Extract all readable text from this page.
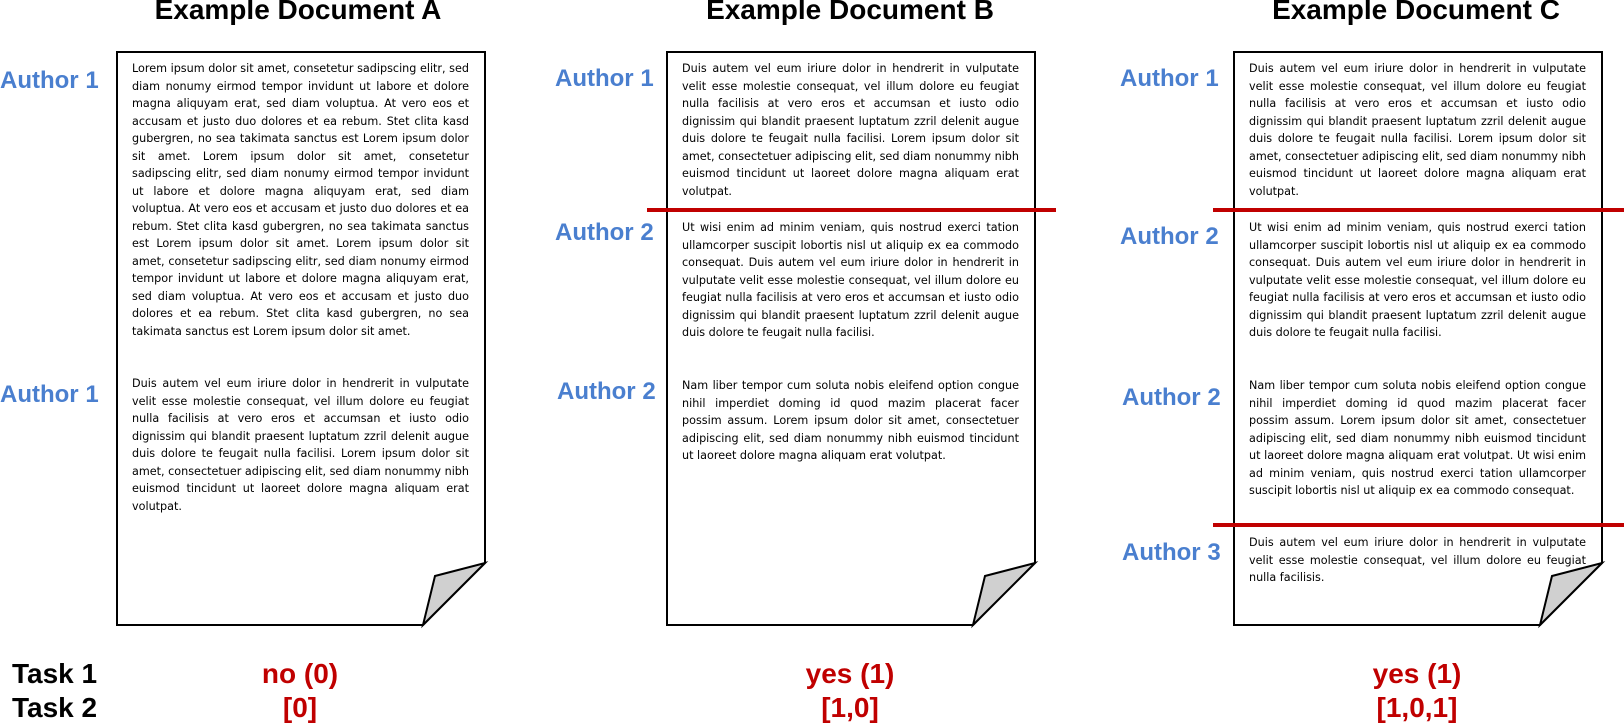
Example Document A	Example Document B	Example Document C
Lorem ipsum dolor sit amet, consetetur sadipscing elitr, sed diam nonumy eirmod tempor invidunt ut labore et dolore magna aliquyam erat, sed diam voluptua. At vero eos et accusam et justo duo dolores et ea rebum. Stet clita kasd gubergren, no sea takimata sanctus est Lorem ipsum dolor sit amet. Lorem ipsum dolor sit amet, consetetur sadipscing elitr, sed diam nonumy eirmod tempor invidunt ut labore et dolore magna aliquyam erat, sed diam voluptua. At vero eos et accusam et justo duo dolores et ea rebum. Stet clita kasd gubergren, no sea takimata sanctus est Lorem ipsum dolor sit amet. Lorem ipsum dolor sit amet, consetetur sadipscing elitr, sed diam nonumy eirmod tempor invidunt ut labore et dolore magna aliquyam erat, sed diam voluptua. At vero eos et accusam et justo duo dolores et ea rebum. Stet clita kasd gubergren, no sea takimata sanctus est Lorem ipsum dolor sit amet.
Duis autem vel eum iriure dolor in hendrerit in vulputate velit esse molestie consequat, vel illum dolore eu feugiat nulla facilisis at vero eros et accumsan et iusto odio dignissim qui blandit praesent luptatum zzril delenit augue duis dolore te feugait nulla facilisi. Lorem ipsum dolor sit amet, consectetuer adipiscing elit, sed diam nonummy nibh euismod tincidunt ut laoreet dolore magna aliquam erat volutpat.
Author 1
Author 1
Duis autem vel eum iriure dolor in hendrerit in vulputate velit esse molestie consequat, vel illum dolore eu feugiat nulla facilisis at vero eros et accumsan et iusto odio dignissim qui blandit praesent luptatum zzril delenit augue duis dolore te feugait nulla facilisi. Lorem ipsum dolor sit amet, consectetuer adipiscing elit, sed diam nonummy nibh euismod tincidunt ut laoreet dolore magna aliquam erat volutpat.
Ut wisi enim ad minim veniam, quis nostrud exerci tation ullamcorper suscipit lobortis nisl ut aliquip ex ea commodo consequat. Duis autem vel eum iriure dolor in hendrerit in vulputate velit esse molestie consequat, vel illum dolore eu feugiat nulla facilisis at vero eros et accumsan et iusto odio dignissim qui blandit praesent luptatum zzril delenit augue duis dolore te feugait nulla facilisi.
Nam liber tempor cum soluta nobis eleifend option congue nihil imperdiet doming id quod mazim placerat facer possim assum. Lorem ipsum dolor sit amet, consectetuer adipiscing elit, sed diam nonummy nibh euismod tincidunt ut laoreet dolore magna aliquam erat volutpat.
Author 1
Author 2
Author 2
Duis autem vel eum iriure dolor in hendrerit in vulputate velit esse molestie consequat, vel illum dolore eu feugiat nulla facilisis at vero eros et accumsan et iusto odio dignissim qui blandit praesent luptatum zzril delenit augue duis dolore te feugait nulla facilisi. Lorem ipsum dolor sit amet, consectetuer adipiscing elit, sed diam nonummy nibh euismod tincidunt ut laoreet dolore magna aliquam erat volutpat.
Ut wisi enim ad minim veniam, quis nostrud exerci tation ullamcorper suscipit lobortis nisl ut aliquip ex ea commodo consequat. Duis autem vel eum iriure dolor in hendrerit in vulputate velit esse molestie consequat, vel illum dolore eu feugiat nulla facilisis at vero eros et accumsan et iusto odio dignissim qui blandit praesent luptatum zzril delenit augue duis dolore te feugait nulla facilisi.
Nam liber tempor cum soluta nobis eleifend option congue nihil imperdiet doming id quod mazim placerat facer possim assum. Lorem ipsum dolor sit amet, consectetuer adipiscing elit, sed diam nonummy nibh euismod tincidunt ut laoreet dolore magna aliquam erat volutpat. Ut wisi enim ad minim veniam, quis nostrud exerci tation ullamcorper suscipit lobortis nisl ut aliquip ex ea commodo consequat.
Duis autem vel eum iriure dolor in hendrerit in vulputate velit esse molestie consequat, vel illum dolore eu feugiat nulla facilisis.
Author 1
Author 2
Author 2
Author 3
Task 1
Task 2
no (0)
[0]
yes (1)
[1,0]
yes (1)
[1,0,1]
